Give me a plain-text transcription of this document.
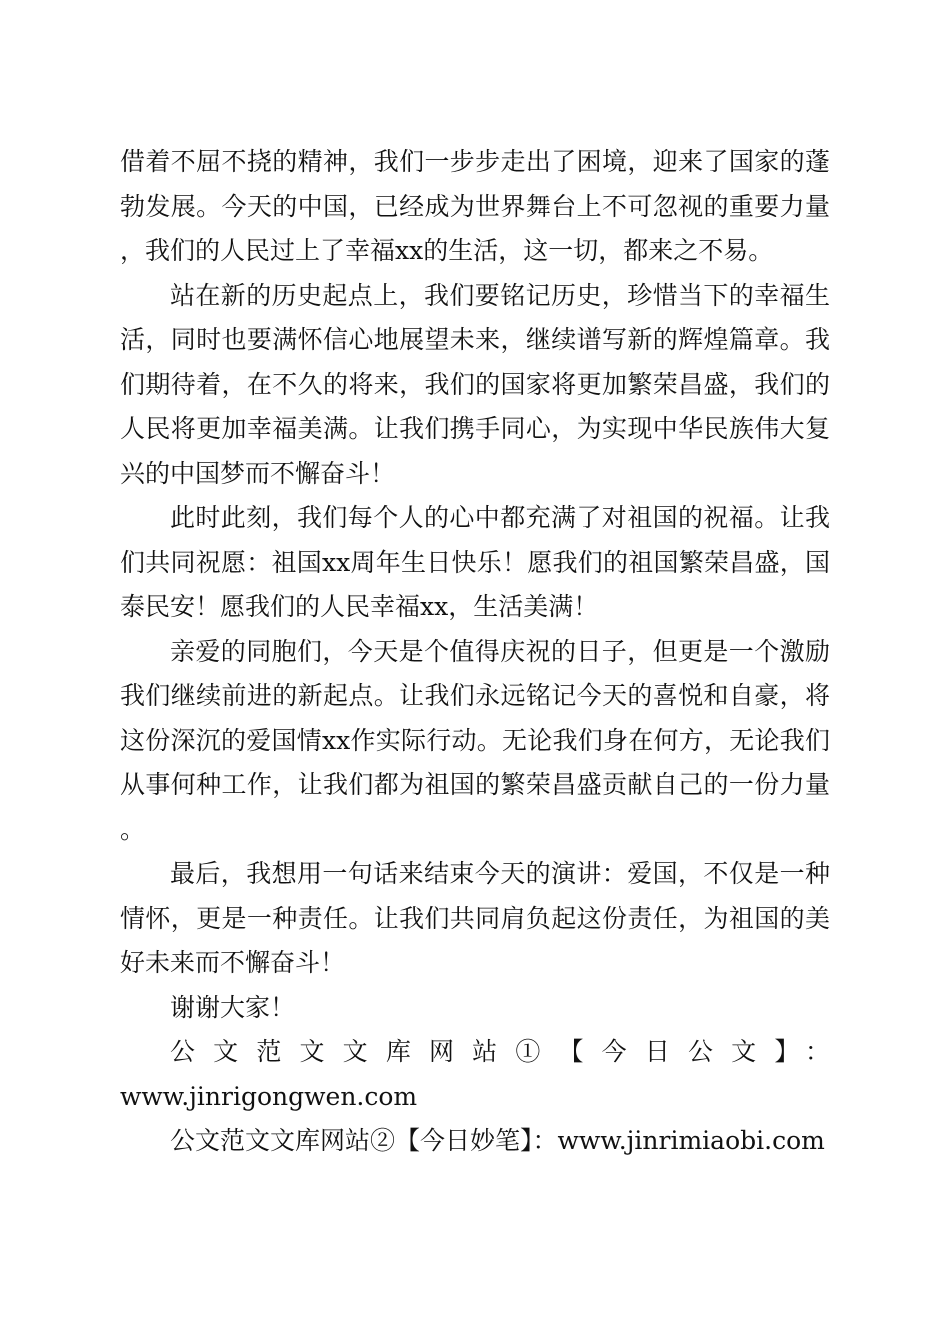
借着不屈不挠的精神，我们一步步走出了困境，迎来了国家的蓬勃发展。今天的中国，已经成为世界舞台上不可忽视的重要力量，我们的人民过上了幸福xx的生活，这一切，都来之不易。

站在新的历史起点上，我们要铭记历史，珍惜当下的幸福生活，同时也要满怀信心地展望未来，继续谱写新的辉煌篇章。我们期待着，在不久的将来，我们的国家将更加繁荣昌盛，我们的人民将更加幸福美满。让我们携手同心，为实现中华民族伟大复兴的中国梦而不懈奋斗！

此时此刻，我们每个人的心中都充满了对祖国的祝福。让我们共同祝愿：祖国xx周年生日快乐！愿我们的祖国繁荣昌盛，国泰民安！愿我们的人民幸福xx，生活美满！

亲爱的同胞们，今天是个值得庆祝的日子，但更是一个激励我们继续前进的新起点。让我们永远铭记今天的喜悦和自豪，将这份深沉的爱国情xx作实际行动。无论我们身在何方，无论我们从事何种工作，让我们都为祖国的繁荣昌盛贡献自己的一份力量。

最后，我想用一句话来结束今天的演讲：爱国，不仅是一种情怀，更是一种责任。让我们共同肩负起这份责任，为祖国的美好未来而不懈奋斗！

谢谢大家！

公文范文文库网站①【今日公文】：

www.jinrigongwen.com

公文范文文库网站②【今日妙笔】：www.jinrimiaobi.com
